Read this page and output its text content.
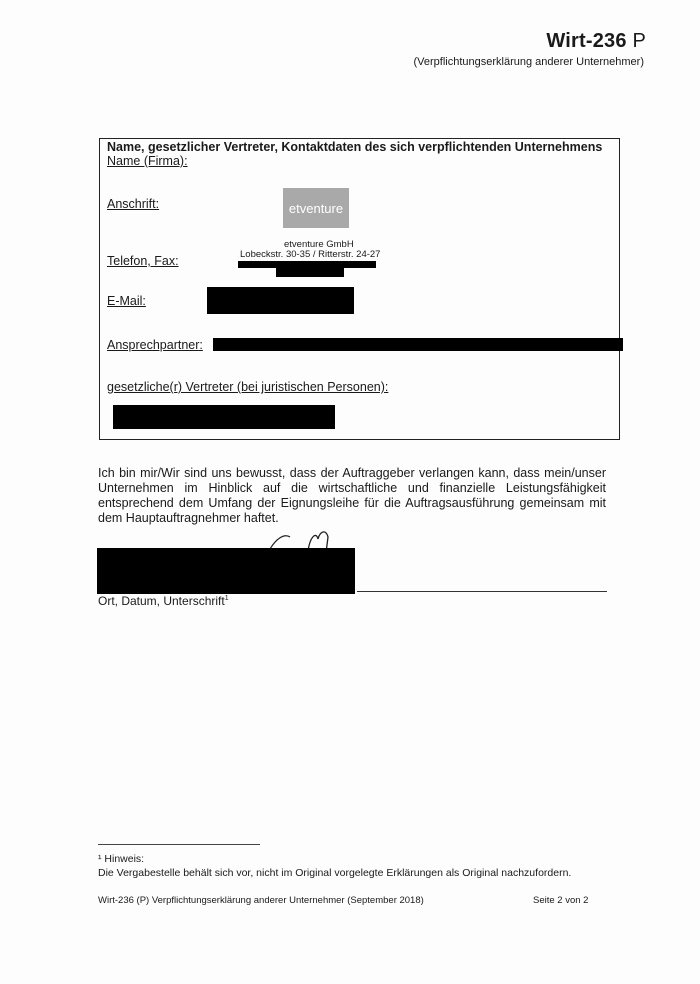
Wirt-236 P
(Verpflichtungserklärung anderer Unternehmer)
Name, gesetzlicher Vertreter, Kontaktdaten des sich verpflichtenden Unternehmens
Name (Firma):
Anschrift:
Telefon, Fax:
E-Mail:
Ansprechpartner:
gesetzliche(r) Vertreter (bei juristischen Personen):
etventure
etventure GmbH
Lobeckstr. 30-35 / Ritterstr. 24-27
Ich bin mir/Wir sind uns bewusst, dass der Auftraggeber verlangen kann, dass mein/unser Unternehmen im Hinblick auf die wirtschaftliche und finanzielle Leistungsfähigkeit entsprechend dem Umfang der Eignungsleihe für die Auftragsausführung gemeinsam mit dem Hauptauftragnehmer haftet.
Ort, Datum, Unterschrift$^1$
¹ Hinweis:
Die Vergabestelle behält sich vor, nicht im Original vorgelegte Erklärungen als Original nachzufordern.
Wirt-236 (P) Verpflichtungserklärung anderer Unternehmer (September 2018)	Seite 2 von 2
